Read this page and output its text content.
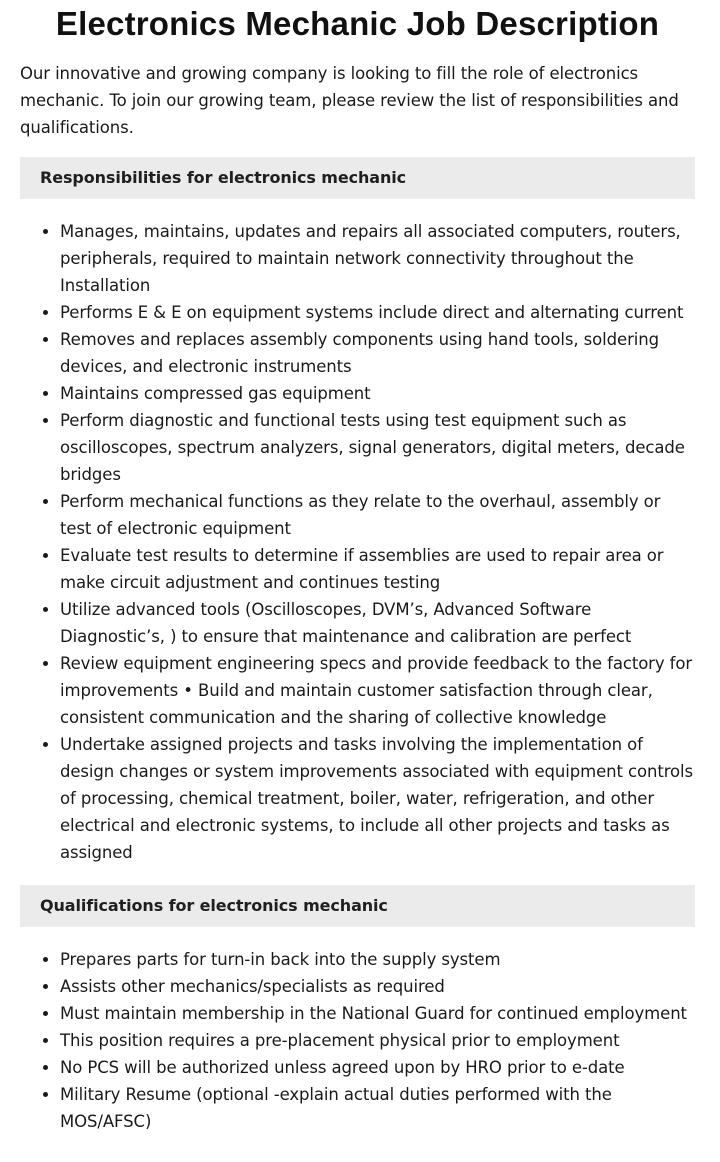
Electronics Mechanic Job Description

Our innovative and growing company is looking to fill the role of electronics mechanic. To join our growing team, please review the list of responsibilities and qualifications.

Responsibilities for electronics mechanic
• Manages, maintains, updates and repairs all associated computers, routers, peripherals, required to maintain network connectivity throughout the Installation
• Performs E & E on equipment systems include direct and alternating current
• Removes and replaces assembly components using hand tools, soldering devices, and electronic instruments
• Maintains compressed gas equipment
• Perform diagnostic and functional tests using test equipment such as oscilloscopes, spectrum analyzers, signal generators, digital meters, decade bridges
• Perform mechanical functions as they relate to the overhaul, assembly or test of electronic equipment
• Evaluate test results to determine if assemblies are used to repair area or make circuit adjustment and continues testing
• Utilize advanced tools (Oscilloscopes, DVM’s, Advanced Software Diagnostic’s, ) to ensure that maintenance and calibration are perfect
• Review equipment engineering specs and provide feedback to the factory for improvements • Build and maintain customer satisfaction through clear, consistent communication and the sharing of collective knowledge
• Undertake assigned projects and tasks involving the implementation of design changes or system improvements associated with equipment controls of processing, chemical treatment, boiler, water, refrigeration, and other electrical and electronic systems, to include all other projects and tasks as assigned
Qualifications for electronics mechanic
• Prepares parts for turn-in back into the supply system
• Assists other mechanics/specialists as required
• Must maintain membership in the National Guard for continued employment
• This position requires a pre-placement physical prior to employment
• No PCS will be authorized unless agreed upon by HRO prior to e-date
• Military Resume (optional -explain actual duties performed with the MOS/AFSC)
